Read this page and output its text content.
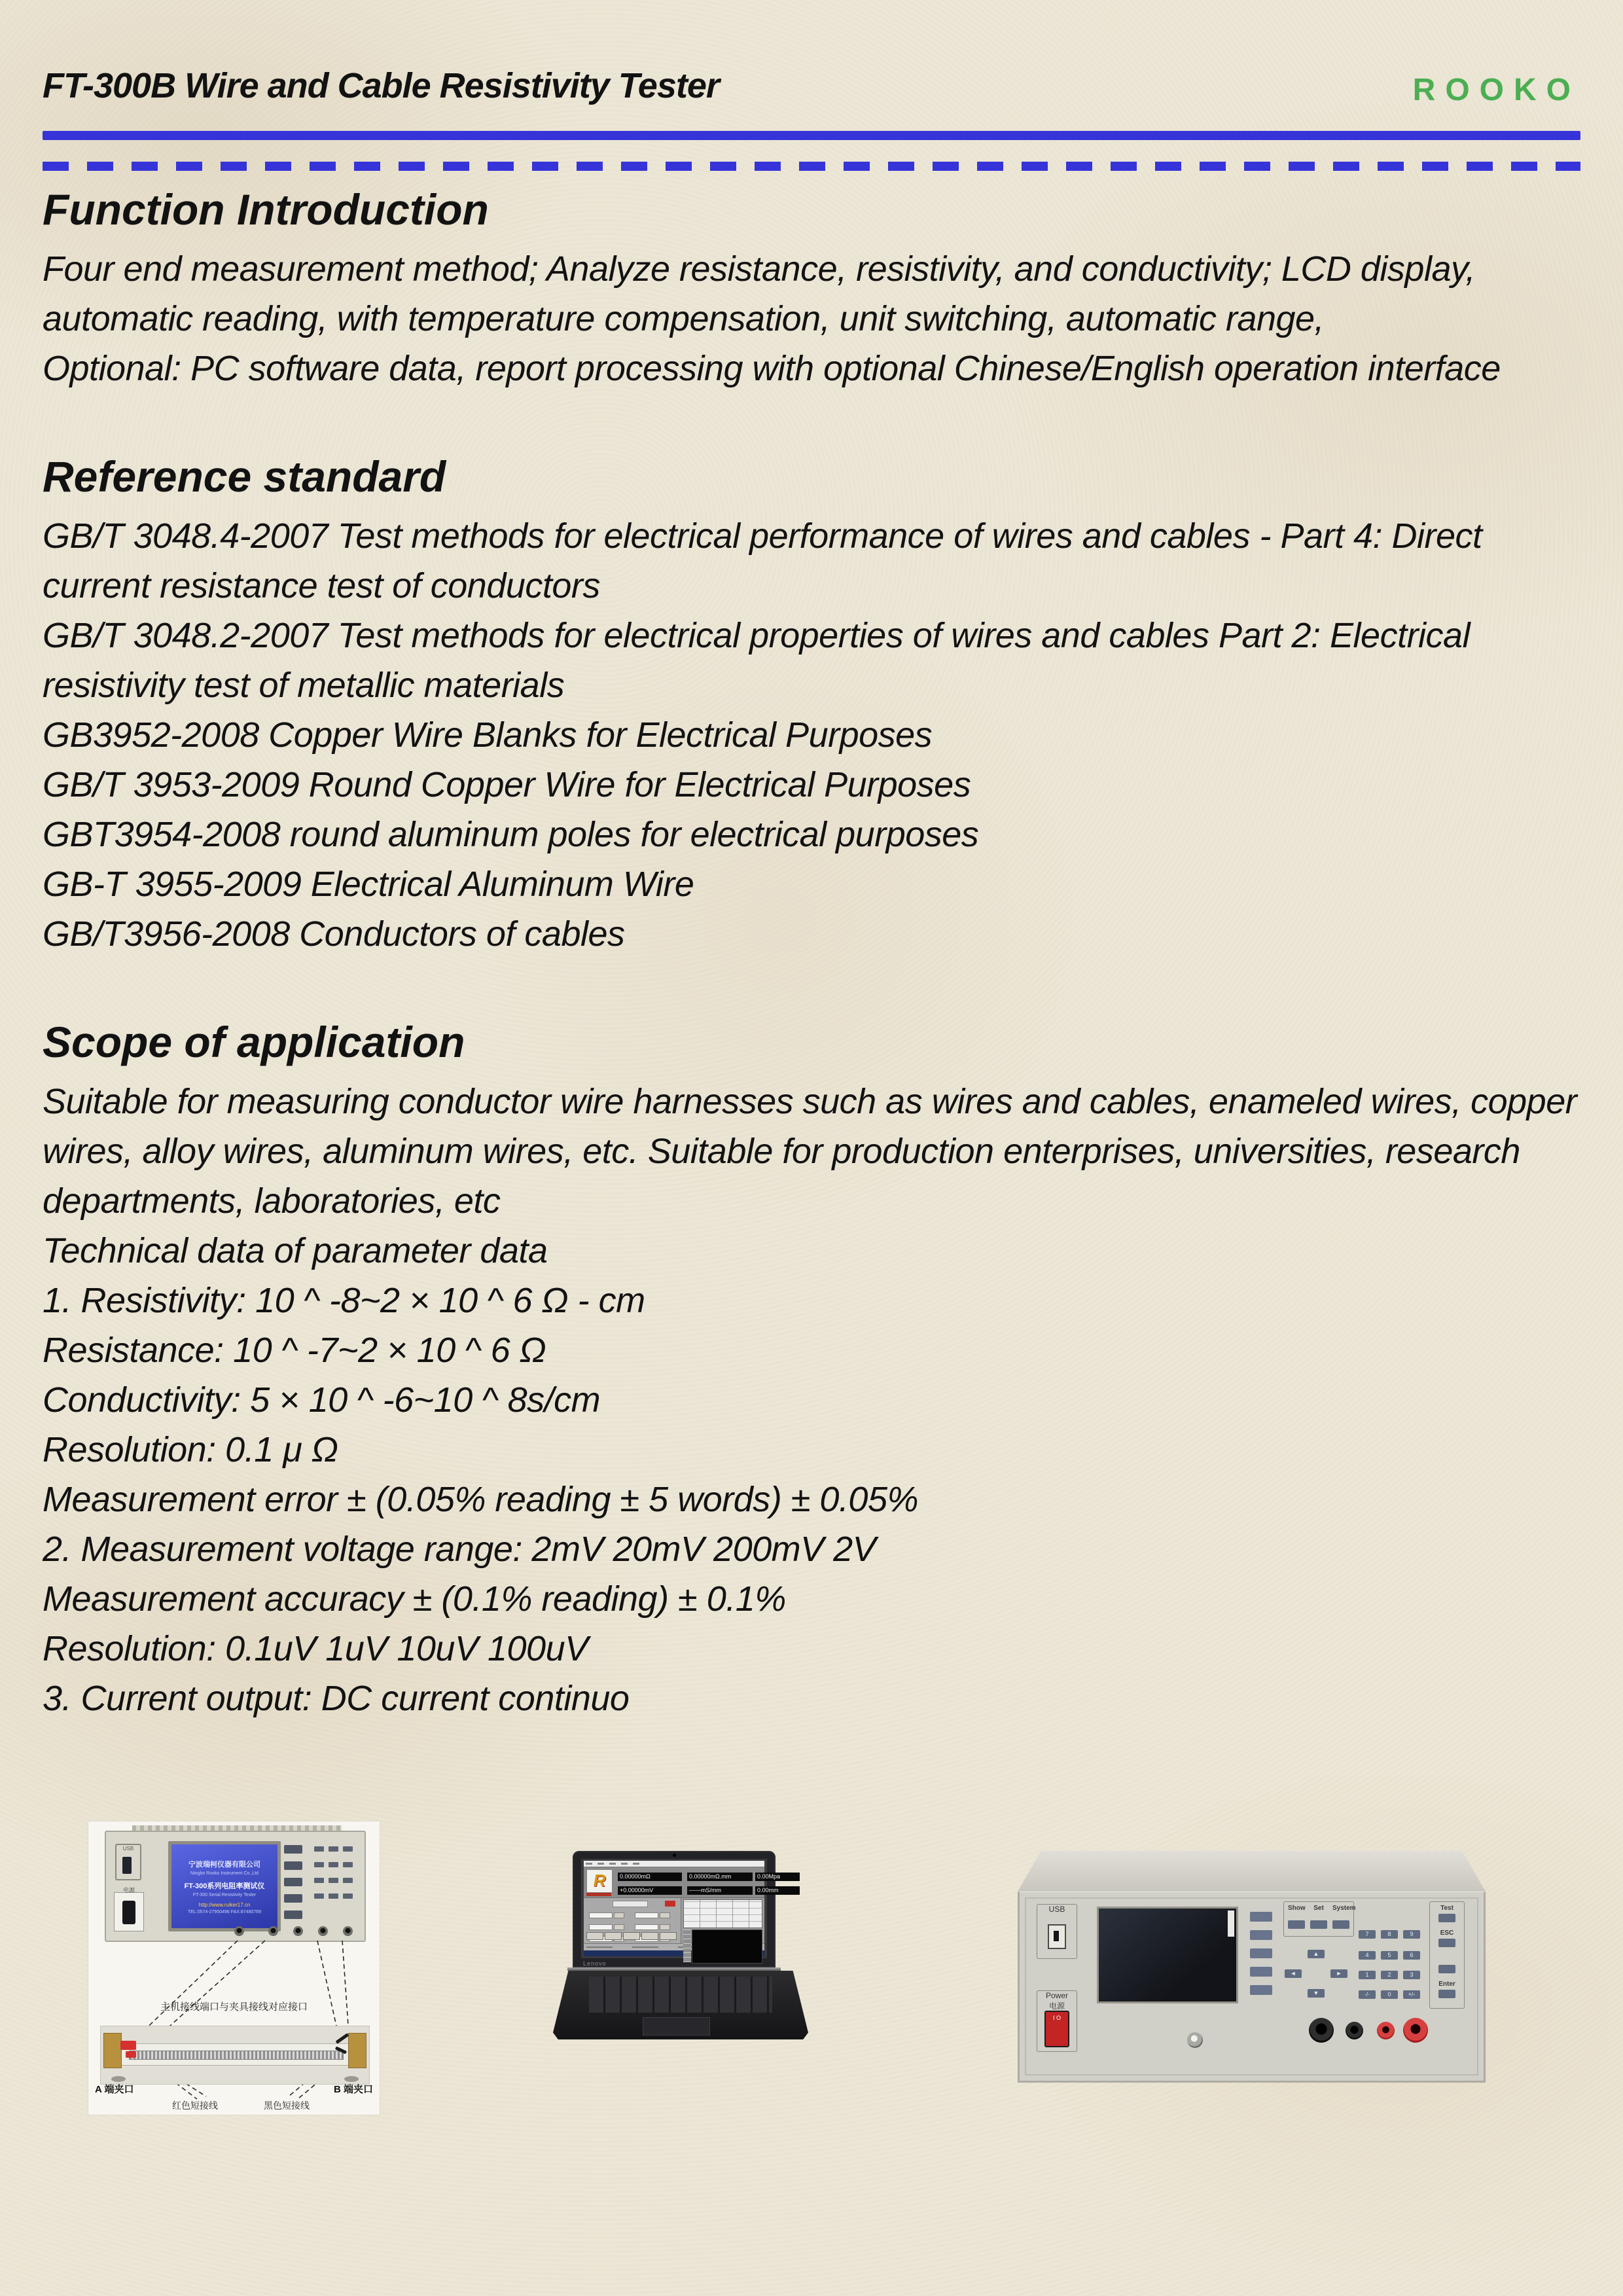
FT-300B Wire and Cable Resistivity Tester	ROOKO
Function Introduction

Four end measurement method; Analyze resistance, resistivity, and conductivity; LCD display, automatic reading, with temperature compensation, unit switching, automatic range,

Optional: PC software data, report processing with optional Chinese/English operation interface

Reference standard

GB/T 3048.4-2007 Test methods for electrical performance of wires and cables - Part 4: Direct current resistance test of conductors

GB/T 3048.2-2007 Test methods for electrical properties of wires and cables Part 2: Electrical resistivity test of metallic materials

GB3952-2008 Copper Wire Blanks for Electrical Purposes

GB/T 3953-2009 Round Copper Wire for Electrical Purposes

GBT3954-2008 round aluminum poles for electrical purposes

GB-T 3955-2009 Electrical Aluminum Wire

GB/T3956-2008 Conductors of cables

Scope of application

Suitable for measuring conductor wire harnesses such as wires and cables, enameled wires, copper wires, alloy wires, aluminum wires, etc. Suitable for production enterprises, universities, research departments, laboratories, etc

Technical data of parameter data

1. Resistivity: 10 ^ -8~2 × 10 ^ 6 Ω - cm

Resistance: 10 ^ -7~2 × 10 ^ 6 Ω

Conductivity: 5 × 10 ^ -6~10 ^ 8s/cm

Resolution: 0.1 μ Ω

Measurement error ± (0.05% reading ± 5 words) ± 0.05%

2. Measurement voltage range: 2mV 20mV 200mV 2V

Measurement accuracy ± (0.1% reading) ± 0.1%

Resolution: 0.1uV 1uV 10uV 100uV

3. Current output: DC current continuo

USB
电源
宁波瑞柯仪器有限公司
Ningbo Rooko Instrument Co.,Ltd
FT-300系列电阻率测试仪
FT-300 Serial Resistivity Tester
http://www.ruiker17.cn
TEL:0574-27950496 FAX:87480769
主机接线端口与夹具接线对应接口
A 端夹口	B 端夹口
红色短接线	黑色短接线
R	0.00000mΩ	0.00000mΩ.mm	0.00Mpa
+0.00000mV	------mS/mm	0.00mm
Lenovo
USB
Power
电源
I O
Show	Set	System
▲
◄	►
▼
7	8	9
4	5	6
1	2	3
·/·	0	+/-
Test
ESC
Enter
